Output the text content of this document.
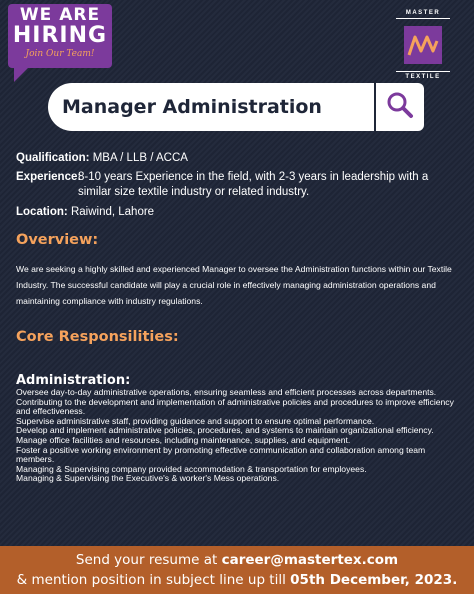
WE ARE
HIRING
Join Our Team!
MASTER
TEXTILE
Manager Administration
Qualification: MBA / LLB / ACCA
Experience:
8-10 years Experience in the field, with 2-3 years in leadership with a similar size textile industry or related industry.
Location: Raiwind, Lahore
Overview:

We are seeking a highly skilled and experienced Manager to oversee the Administration functions within our Textile Industry. The successful candidate will play a crucial role in effectively managing administration operations and maintaining compliance with industry regulations.

Core Responsilities:
Administration:
Oversee day-to-day administrative operations, ensuring seamless and efficient processes across departments.
Contributing to the development and implementation of administrative policies and procedures to improve efficiency and effectiveness.
Supervise administrative staff, providing guidance and support to ensure optimal performance.
Develop and implement administrative policies, procedures, and systems to maintain organizational efficiency.
Manage office facilities and resources, including maintenance, supplies, and equipment.
Foster a positive working environment by promoting effective communication and collaboration among team members.
Managing & Supervising company provided accommodation & transportation for employees.
Managing & Supervising the Executive's & worker's Mess operations.
Send your resume at career@mastertex.com
& mention position in subject line up till 05th December, 2023.
